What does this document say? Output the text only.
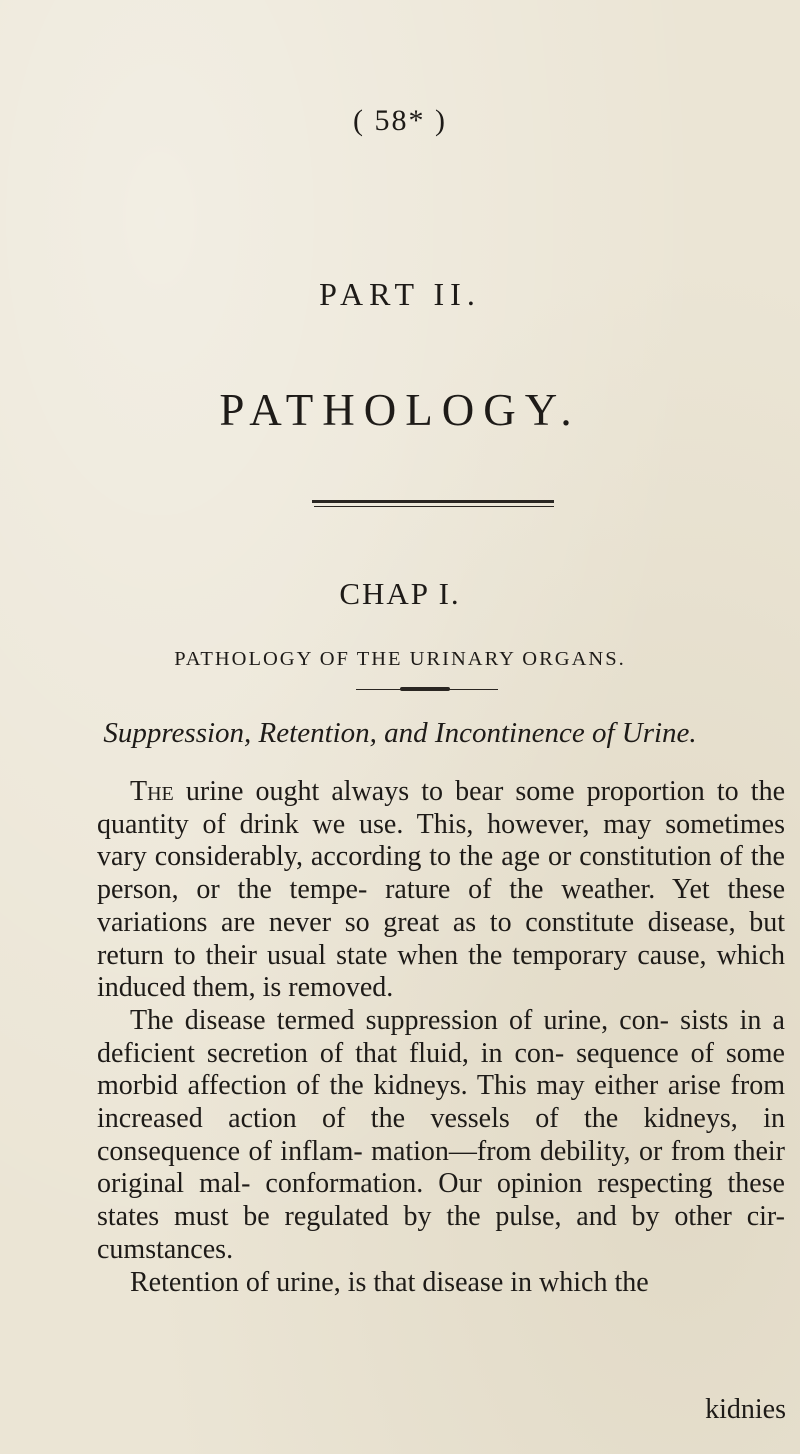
( 58* )
PART II.
PATHOLOGY.
CHAP I.
PATHOLOGY OF THE URINARY ORGANS.
Suppression, Retention, and Incontinence of Urine.

The urine ought always to bear some proportion to the quantity of drink we use. This, however, may sometimes vary considerably, according to the age or constitution of the person, or the tempe- rature of the weather. Yet these variations are never so great as to constitute disease, but return to their usual state when the temporary cause, which induced them, is removed.

The disease termed suppression of urine, con- sists in a deficient secretion of that fluid, in con- sequence of some morbid affection of the kidneys. This may either arise from increased action of the vessels of the kidneys, in consequence of inflam- mation—from debility, or from their original mal- conformation. Our opinion respecting these states must be regulated by the pulse, and by other cir- cumstances.

Retention of urine, is that disease in which the

kidnies
